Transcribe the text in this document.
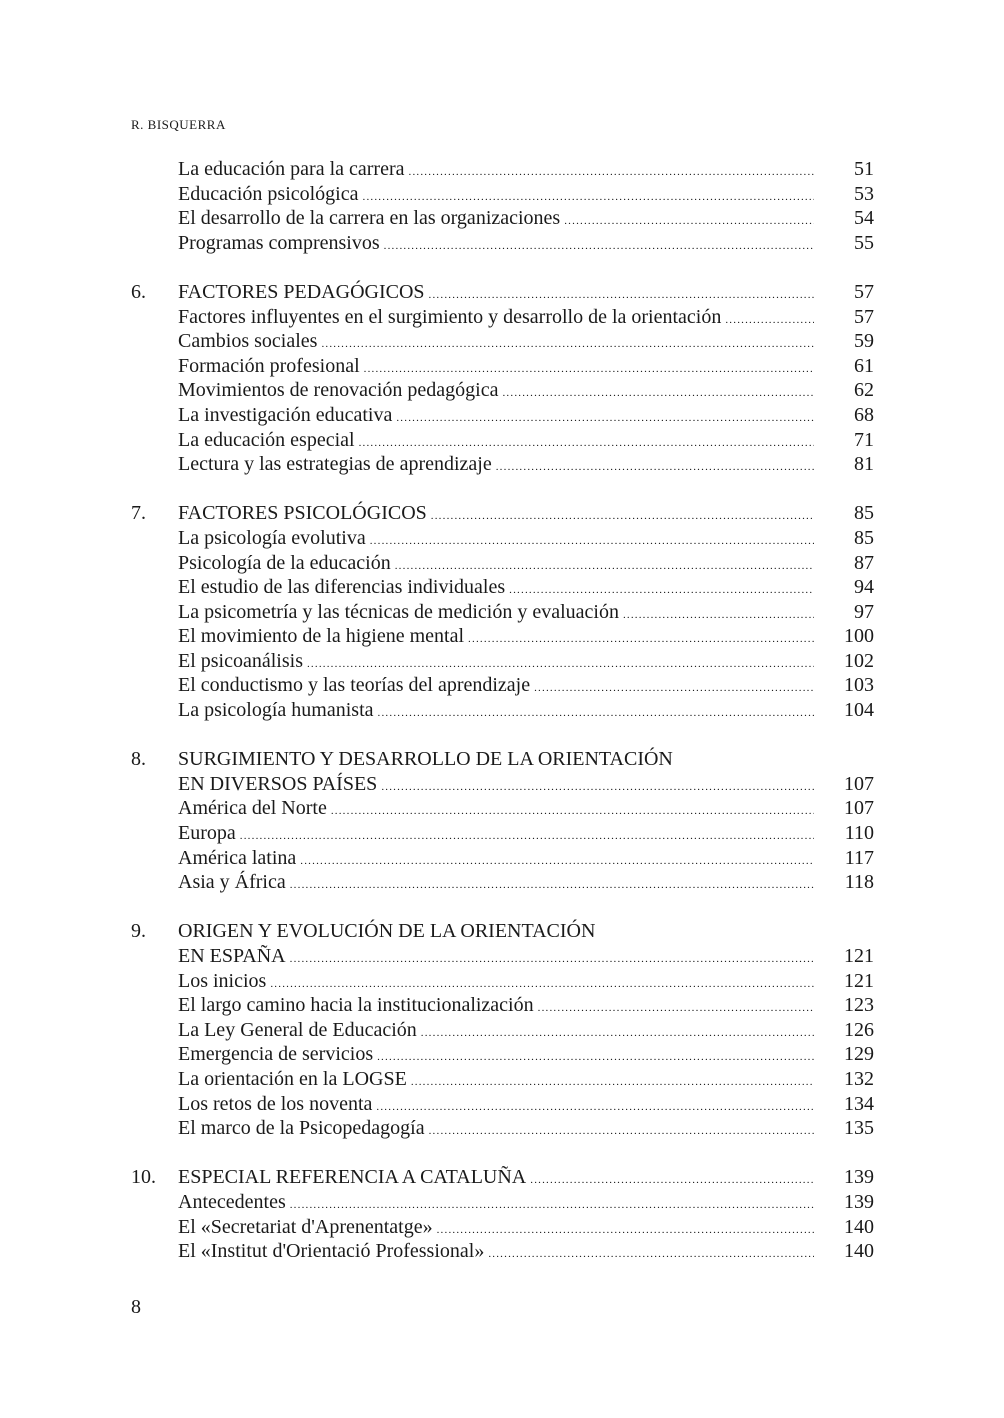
R. BISQUERRA
La educación para la carrera .....	51
Educación psicológica .....	53
El desarrollo de la carrera en las organizaciones .....	54
Programas comprensivos .....	55
6. FACTORES PEDAGÓGICOS .....	57
Factores influyentes en el surgimiento y desarrollo de la orientación .....	57
Cambios sociales .....	59
Formación profesional .....	61
Movimientos de renovación pedagógica .....	62
La investigación educativa .....	68
La educación especial .....	71
Lectura y las estrategias de aprendizaje .....	81
7. FACTORES PSICOLÓGICOS .....	85
La psicología evolutiva .....	85
Psicología de la educación .....	87
El estudio de las diferencias individuales .....	94
La psicometría y las técnicas de medición y evaluación .....	97
El movimiento de la higiene mental .....	100
El psicoanálisis .....	102
El conductismo y las teorías del aprendizaje .....	103
La psicología humanista .....	104
8. SURGIMIENTO Y DESARROLLO DE LA ORIENTACIÓN
EN DIVERSOS PAÍSES .....	107
América del Norte .....	107
Europa .....	110
América latina .....	117
Asia y África .....	118
9. ORIGEN Y EVOLUCIÓN DE LA ORIENTACIÓN
EN ESPAÑA .....	121
Los inicios .....	121
El largo camino hacia la institucionalización .....	123
La Ley General de Educación .....	126
Emergencia de servicios .....	129
La orientación en la LOGSE .....	132
Los retos de los noventa .....	134
El marco de la Psicopedagogía .....	135
10. ESPECIAL REFERENCIA A CATALUÑA .....	139
Antecedentes .....	139
El «Secretariat d'Aprenentatge» .....	140
El «Institut d'Orientació Professional» .....	140
8
